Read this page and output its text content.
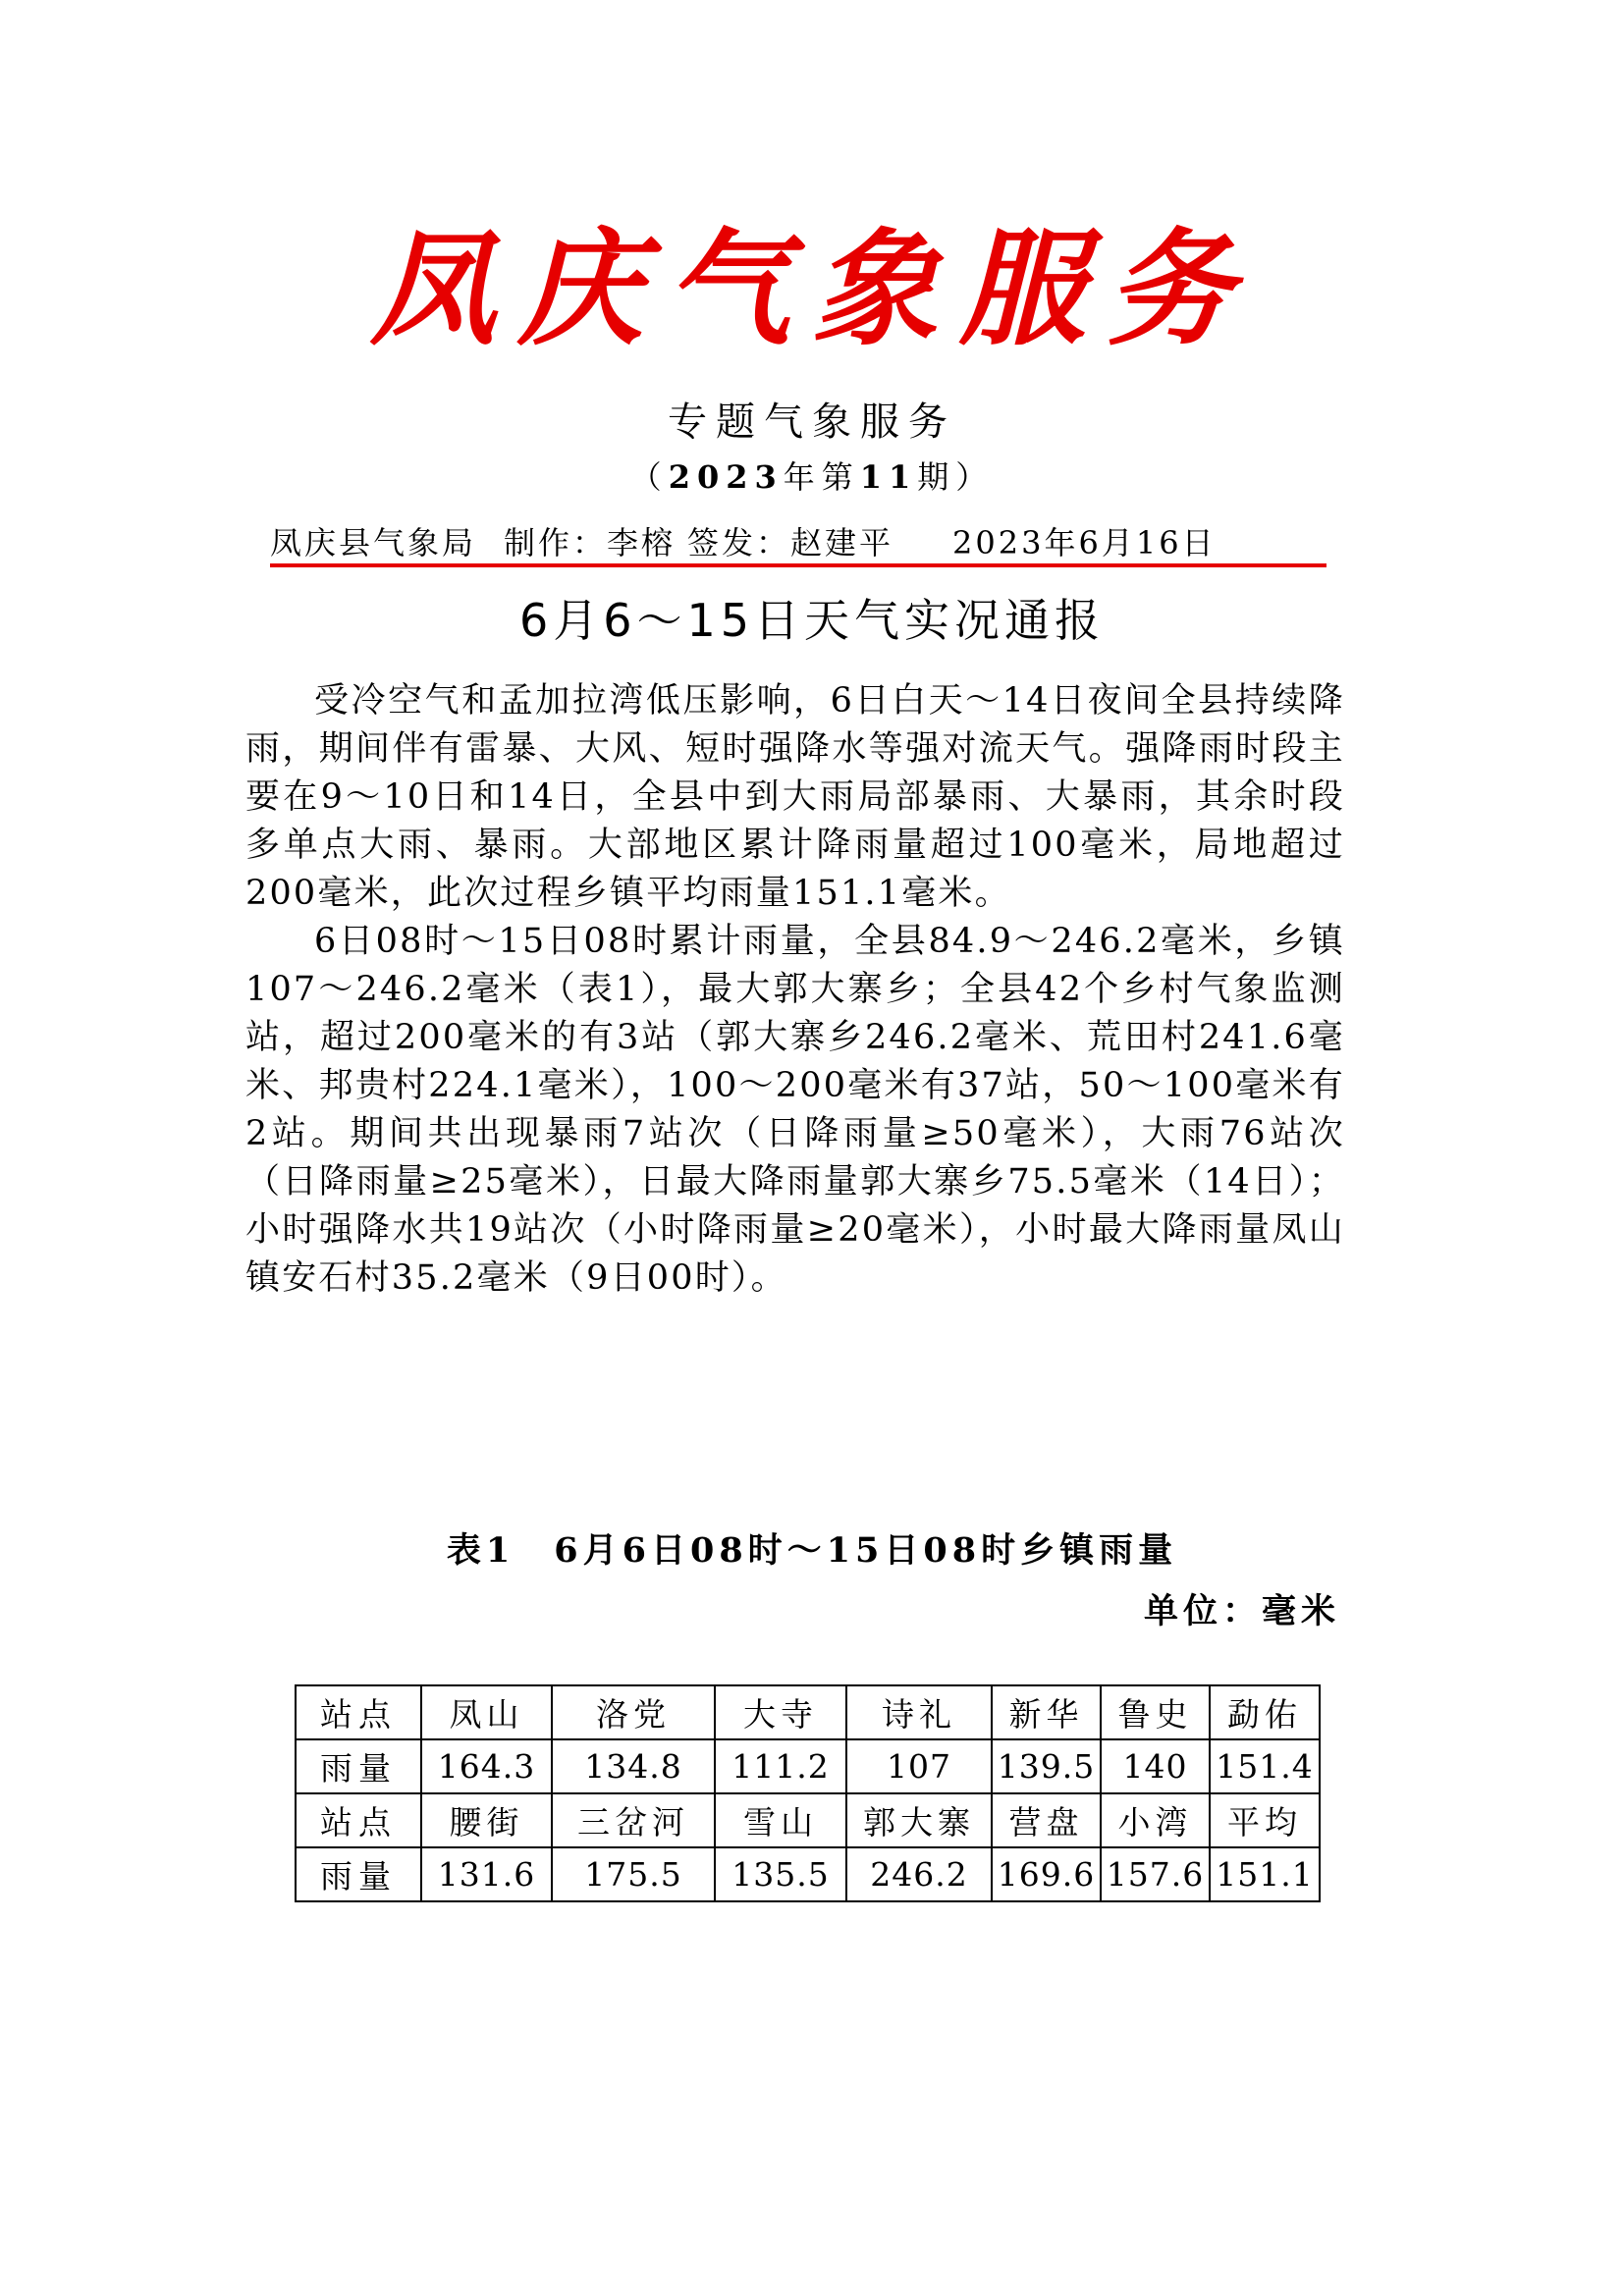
凤庆气象服务
专题气象服务
（2023年第11期）
凤庆县气象局 制作：李榕 签发：赵建平 2023年6月16日
6月6～15日天气实况通报

受冷空气和孟加拉湾低压影响，6日白天～14日夜间全县持续降雨，期间伴有雷暴、大风、短时强降水等强对流天气。强降雨时段主要在9～10日和14日，全县中到大雨局部暴雨、大暴雨，其余时段多单点大雨、暴雨。大部地区累计降雨量超过100毫米，局地超过200毫米，此次过程乡镇平均雨量151.1毫米。

6日08时～15日08时累计雨量，全县84.9～246.2毫米，乡镇107～246.2毫米（表1），最大郭大寨乡；全县42个乡村气象监测站，超过200毫米的有3站（郭大寨乡246.2毫米、荒田村241.6毫米、邦贵村224.1毫米），100～200毫米有37站，50～100毫米有2站。期间共出现暴雨7站次（日降雨量≥50毫米），大雨76站次（日降雨量≥25毫米），日最大降雨量郭大寨乡75.5毫米（14日）；小时强降水共19站次（小时降雨量≥20毫米），小时最大降雨量凤山镇安石村35.2毫米（9日00时）。

表1　6月6日08时～15日08时乡镇雨量
单位：毫米
站点	凤山	洛党	大寺	诗礼	新华	鲁史	勐佑
雨量	164.3	134.8	111.2	107	139.5	140	151.4
站点	腰街	三岔河	雪山	郭大寨	营盘	小湾	平均
雨量	131.6	175.5	135.5	246.2	169.6	157.6	151.1
